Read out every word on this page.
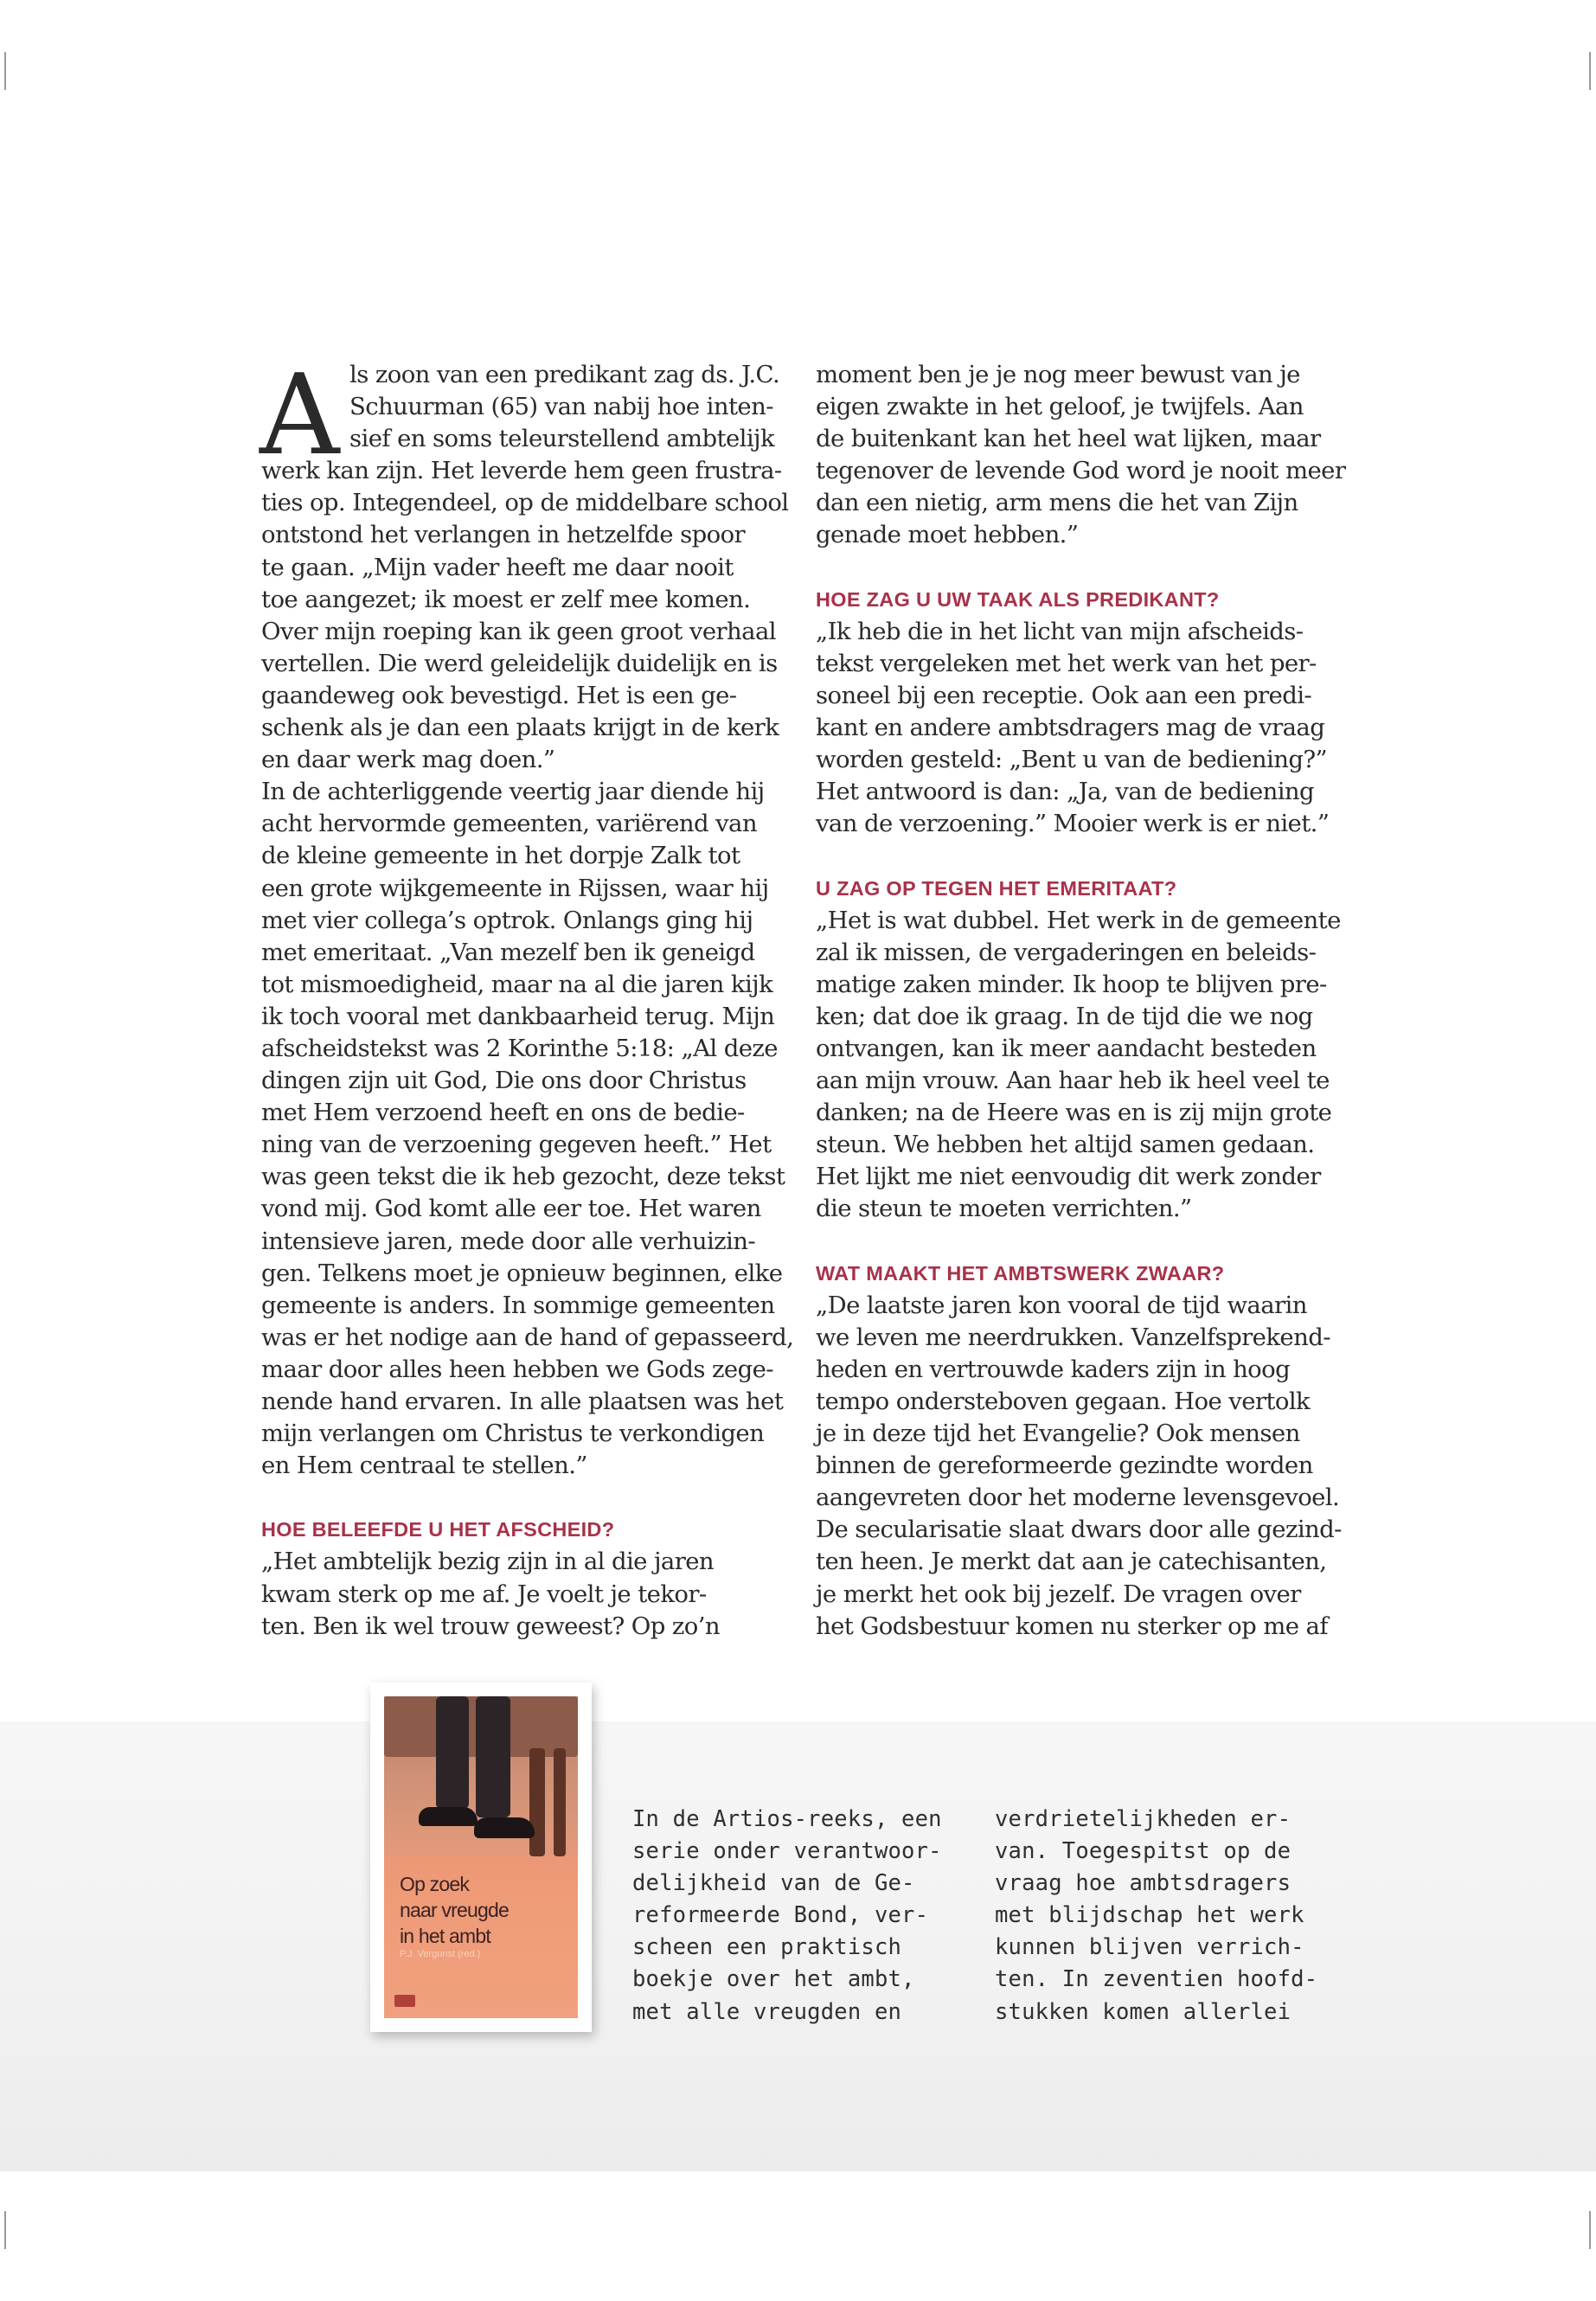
A ls zoon van een predikant zag ds. J.C.

Schuurman (65) van nabij hoe inten-

sief en soms teleurstellend ambtelijk

werk kan zijn. Het leverde hem geen frustra-

ties op. Integendeel, op de middelbare school

ontstond het verlangen in hetzelfde spoor

te gaan. „Mijn vader heeft me daar nooit

toe aangezet; ik moest er zelf mee komen.

Over mijn roeping kan ik geen groot verhaal

vertellen. Die werd geleidelijk duidelijk en is

gaandeweg ook bevestigd. Het is een ge-

schenk als je dan een plaats krijgt in de kerk

en daar werk mag doen.”

In de achterliggende veertig jaar diende hij

acht hervormde gemeenten, variërend van

de kleine gemeente in het dorpje Zalk tot

een grote wijkgemeente in Rijssen, waar hij

met vier collega’s optrok. Onlangs ging hij

met emeritaat. „Van mezelf ben ik geneigd

tot mismoedigheid, maar na al die jaren kijk

ik toch vooral met dankbaarheid terug. Mijn

afscheidstekst was 2 Korinthe 5:18: „Al deze

dingen zijn uit God, Die ons door Christus

met Hem verzoend heeft en ons de bedie-

ning van de verzoening gegeven heeft.” Het

was geen tekst die ik heb gezocht, deze tekst

vond mij. God komt alle eer toe. Het waren

intensieve jaren, mede door alle verhuizin-

gen. Telkens moet je opnieuw beginnen, elke

gemeente is anders. In sommige gemeenten

was er het nodige aan de hand of gepasseerd,

maar door alles heen hebben we Gods zege-

nende hand ervaren. In alle plaatsen was het

mijn verlangen om Christus te verkondigen

en Hem centraal te stellen.”

HOE BELEEFDE U HET AFSCHEID?

„Het ambtelijk bezig zijn in al die jaren

kwam sterk op me af. Je voelt je tekor-

ten. Ben ik wel trouw geweest? Op zo’n

moment ben je je nog meer bewust van je

eigen zwakte in het geloof, je twijfels. Aan

de buitenkant kan het heel wat lijken, maar

tegenover de levende God word je nooit meer

dan een nietig, arm mens die het van Zijn

genade moet hebben.”

HOE ZAG U UW TAAK ALS PREDIKANT?

„Ik heb die in het licht van mijn afscheids-

tekst vergeleken met het werk van het per-

soneel bij een receptie. Ook aan een predi-

kant en andere ambtsdragers mag de vraag

worden gesteld: „Bent u van de bediening?”

Het antwoord is dan: „Ja, van de bediening

van de verzoening.” Mooier werk is er niet.”

U ZAG OP TEGEN HET EMERITAAT?

„Het is wat dubbel. Het werk in de gemeente

zal ik missen, de vergaderingen en beleids-

matige zaken minder. Ik hoop te blijven pre-

ken; dat doe ik graag. In de tijd die we nog

ontvangen, kan ik meer aandacht besteden

aan mijn vrouw. Aan haar heb ik heel veel te

danken; na de Heere was en is zij mijn grote

steun. We hebben het altijd samen gedaan.

Het lijkt me niet eenvoudig dit werk zonder

die steun te moeten verrichten.”

WAT MAAKT HET AMBTSWERK ZWAAR?

„De laatste jaren kon vooral de tijd waarin

we leven me neerdrukken. Vanzelfsprekend-

heden en vertrouwde kaders zijn in hoog

tempo ondersteboven gegaan. Hoe vertolk

je in deze tijd het Evangelie? Ook mensen

binnen de gereformeerde gezindte worden

aangevreten door het moderne levensgevoel.

De secularisatie slaat dwars door alle gezind-

ten heen. Je merkt dat aan je catechisanten,

je merkt het ook bij jezelf. De vragen over

het Godsbestuur komen nu sterker op me af

Op zoek
naar vreugde
in het ambt
P.J. Vergunst (red.)

In de Artios-reeks, een

serie onder verantwoor-

delijkheid van de Ge-

reformeerde Bond, ver-

scheen een praktisch

boekje over het ambt,

met alle vreugden en

verdrietelijkheden er-

van. Toegespitst op de

vraag hoe ambtsdragers

met blijdschap het werk

kunnen blijven verrich-

ten. In zeventien hoofd-

stukken komen allerlei
